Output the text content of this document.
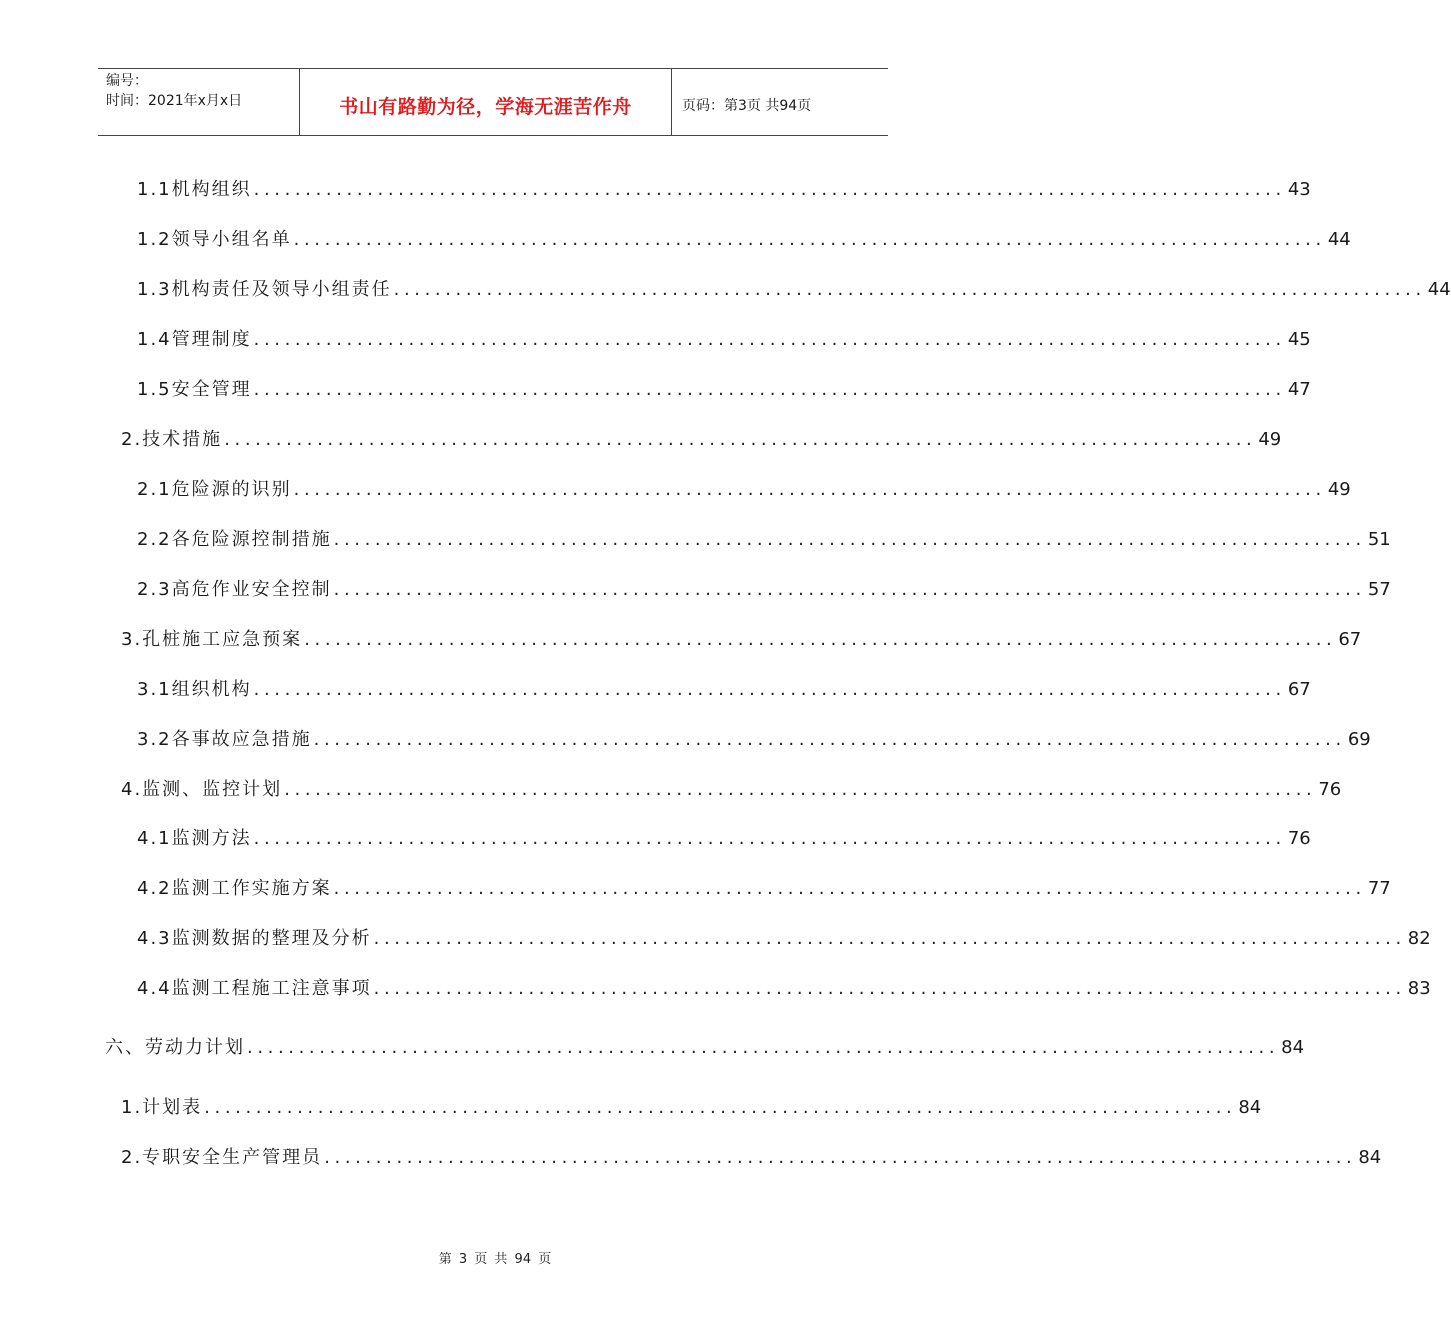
编号：
时间：2021年x月x日	书山有路勤为径，学海无涯苦作舟	页码：第3页 共94页
1.1机构组织 .................................................................................................... 43
1.2领导小组名单 .................................................................................................... 44
1.3机构责任及领导小组责任 .................................................................................................... 44
1.4管理制度 .................................................................................................... 45
1.5安全管理 .................................................................................................... 47
2.技术措施 .................................................................................................... 49
2.1危险源的识别 .................................................................................................... 49
2.2各危险源控制措施 .................................................................................................... 51
2.3高危作业安全控制 .................................................................................................... 57
3.孔桩施工应急预案 .................................................................................................... 67
3.1组织机构 .................................................................................................... 67
3.2各事故应急措施 .................................................................................................... 69
4.监测、监控计划 .................................................................................................... 76
4.1监测方法 .................................................................................................... 76
4.2监测工作实施方案 .................................................................................................... 77
4.3监测数据的整理及分析 .................................................................................................... 82
4.4监测工程施工注意事项 .................................................................................................... 83
六、劳动力计划 .................................................................................................... 84
1.计划表 .................................................................................................... 84
2.专职安全生产管理员 .................................................................................................... 84
第 3 页 共 94 页
